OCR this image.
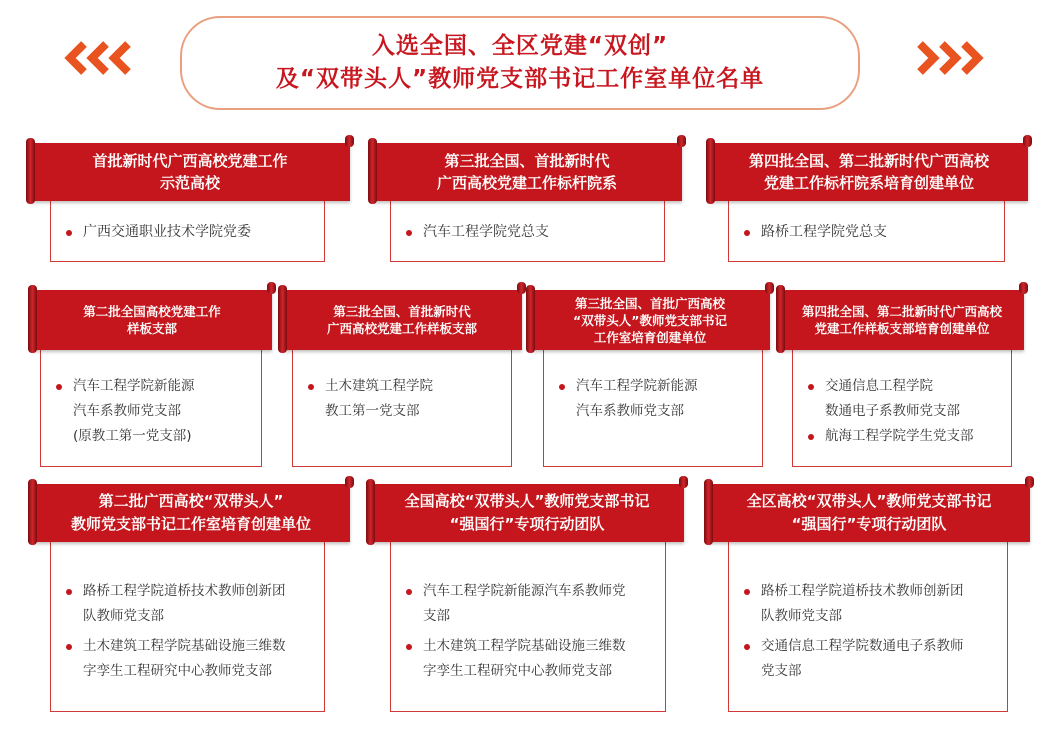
入选全国、全区党建“双创”
及“双带头人”教师党支部书记工作室单位名单
广西交通职业技术学院党委
首批新时代广西高校党建工作
示范高校
汽车工程学院党总支
第三批全国、首批新时代
广西高校党建工作标杆院系
路桥工程学院党总支
第四批全国、第二批新时代广西高校
党建工作标杆院系培育创建单位
汽车工程学院新能源
汽车系教师党支部
(原教工第一党支部)
第二批全国高校党建工作
样板支部
土木建筑工程学院
教工第一党支部
第三批全国、首批新时代
广西高校党建工作样板支部
汽车工程学院新能源
汽车系教师党支部
第三批全国、首批广西高校
“双带头人”教师党支部书记
工作室培育创建单位
交通信息工程学院
数通电子系教师党支部
航海工程学院学生党支部
第四批全国、第二批新时代广西高校
党建工作样板支部培育创建单位
路桥工程学院道桥技术教师创新团
队教师党支部
土木建筑工程学院基础设施三维数
字孪生工程研究中心教师党支部
第二批广西高校“双带头人”
教师党支部书记工作室培育创建单位
汽车工程学院新能源汽车系教师党
支部
土木建筑工程学院基础设施三维数
字孪生工程研究中心教师党支部
全国高校“双带头人”教师党支部书记
“强国行”专项行动团队
路桥工程学院道桥技术教师创新团
队教师党支部
交通信息工程学院数通电子系教师
党支部
全区高校“双带头人”教师党支部书记
“强国行”专项行动团队
